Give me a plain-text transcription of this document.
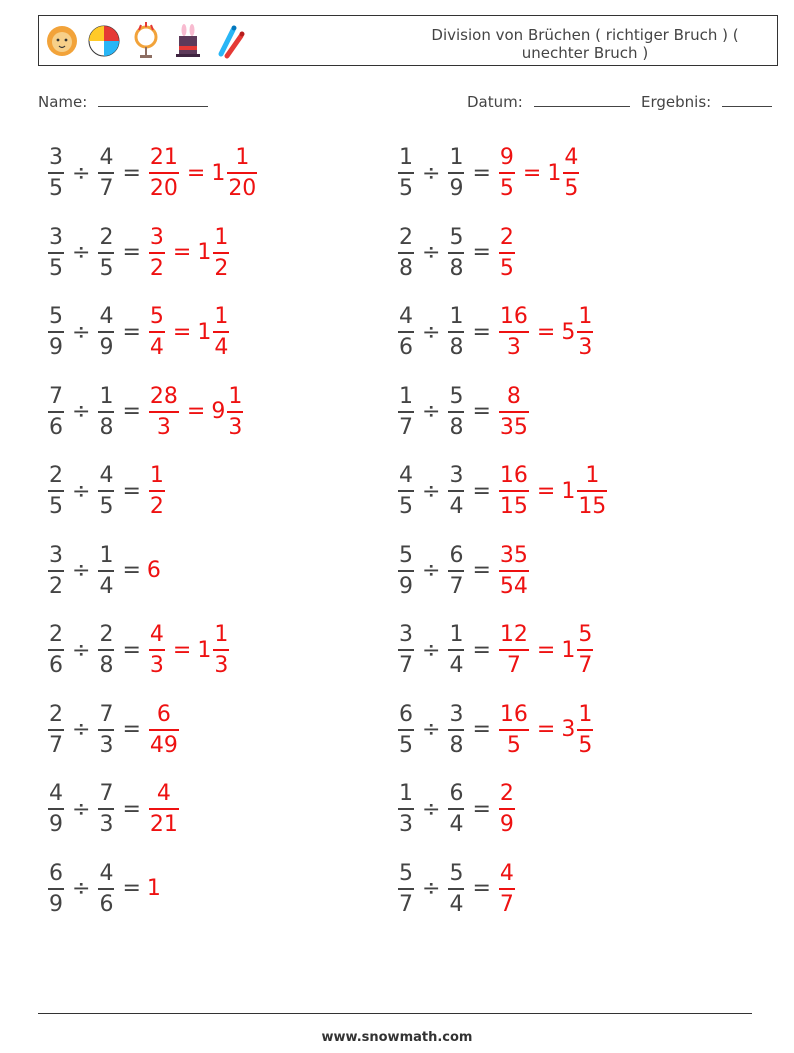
Division von Brüchen ( richtiger Bruch ) ( unechter Bruch )
Name:	Datum:	Ergebnis:
$\frac{3}{5} \div \frac{4}{7} = \frac{21}{20} = 1 \frac{1}{20}$	$\frac{1}{5} \div \frac{1}{9} = \frac{9}{5} = 1 \frac{4}{5}$
$\frac{3}{5} \div \frac{2}{5} = \frac{3}{2} = 1 \frac{1}{2}$	$\frac{2}{8} \div \frac{5}{8} = \frac{2}{5}$
$\frac{5}{9} \div \frac{4}{9} = \frac{5}{4} = 1 \frac{1}{4}$	$\frac{4}{6} \div \frac{1}{8} = \frac{16}{3} = 5 \frac{1}{3}$
$\frac{7}{6} \div \frac{1}{8} = \frac{28}{3} = 9 \frac{1}{3}$	$\frac{1}{7} \div \frac{5}{8} = \frac{8}{35}$
$\frac{2}{5} \div \frac{4}{5} = \frac{1}{2}$	$\frac{4}{5} \div \frac{3}{4} = \frac{16}{15} = 1 \frac{1}{15}$
$\frac{3}{2} \div \frac{1}{4} = 6$	$\frac{5}{9} \div \frac{6}{7} = \frac{35}{54}$
$\frac{2}{6} \div \frac{2}{8} = \frac{4}{3} = 1 \frac{1}{3}$	$\frac{3}{7} \div \frac{1}{4} = \frac{12}{7} = 1 \frac{5}{7}$
$\frac{2}{7} \div \frac{7}{3} = \frac{6}{49}$	$\frac{6}{5} \div \frac{3}{8} = \frac{16}{5} = 3 \frac{1}{5}$
$\frac{4}{9} \div \frac{7}{3} = \frac{4}{21}$	$\frac{1}{3} \div \frac{6}{4} = \frac{2}{9}$
$\frac{6}{9} \div \frac{4}{6} = 1$	$\frac{5}{7} \div \frac{5}{4} = \frac{4}{7}$
www.snowmath.com
